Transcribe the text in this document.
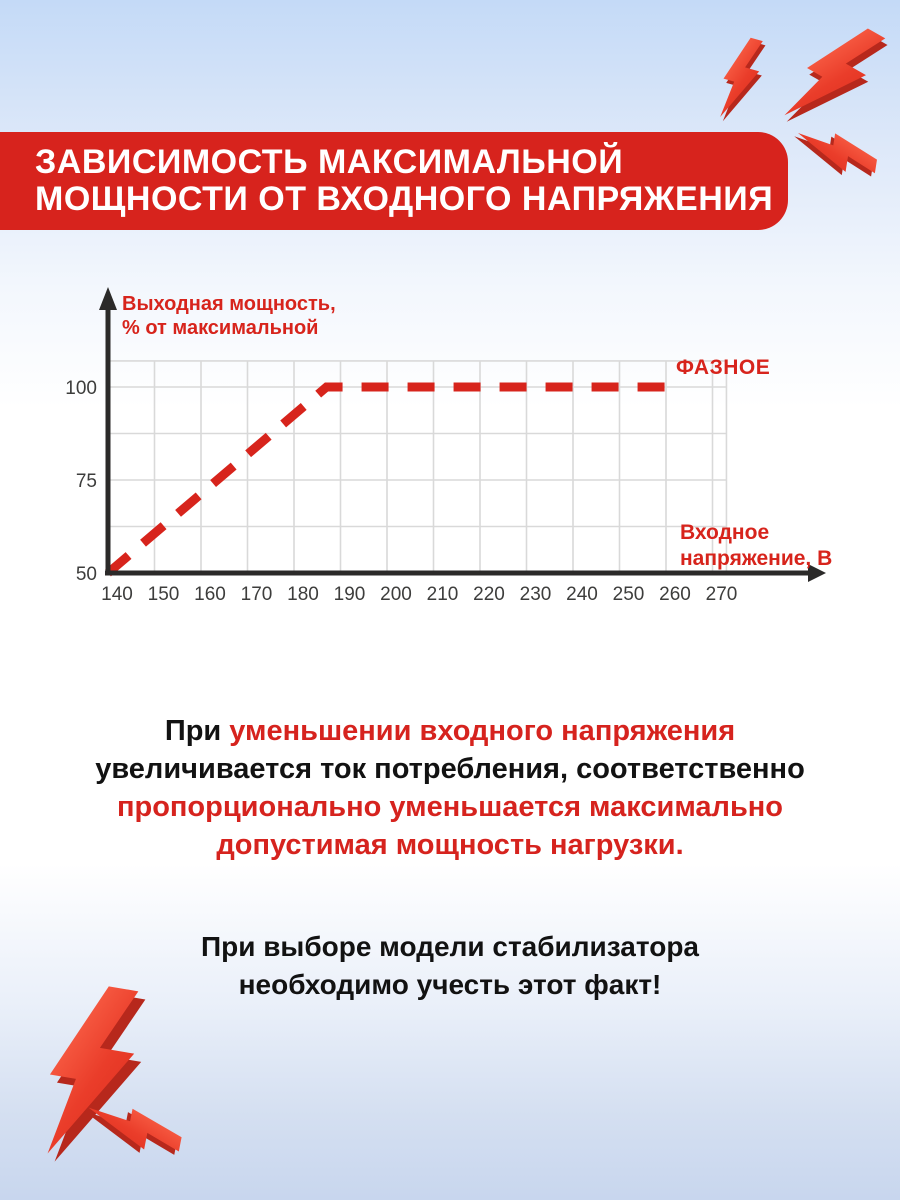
ЗАВИСИМОСТЬ МАКСИМАЛЬНОЙ
МОЩНОСТИ ОТ ВХОДНОГО НАПРЯЖЕНИЯ
140 150 160 170 180 190 200 210 220 230 240 250 260 270
50
75
100
Выходная мощность,
% от максимальной
ФАЗНОЕ
Входное
напряжение, В
При уменьшении входного напряжения
увеличивается ток потребления, соответственно
пропорционально уменьшается максимально
допустимая мощность нагрузки.
При выборе модели стабилизатора
необходимо учесть этот факт!
